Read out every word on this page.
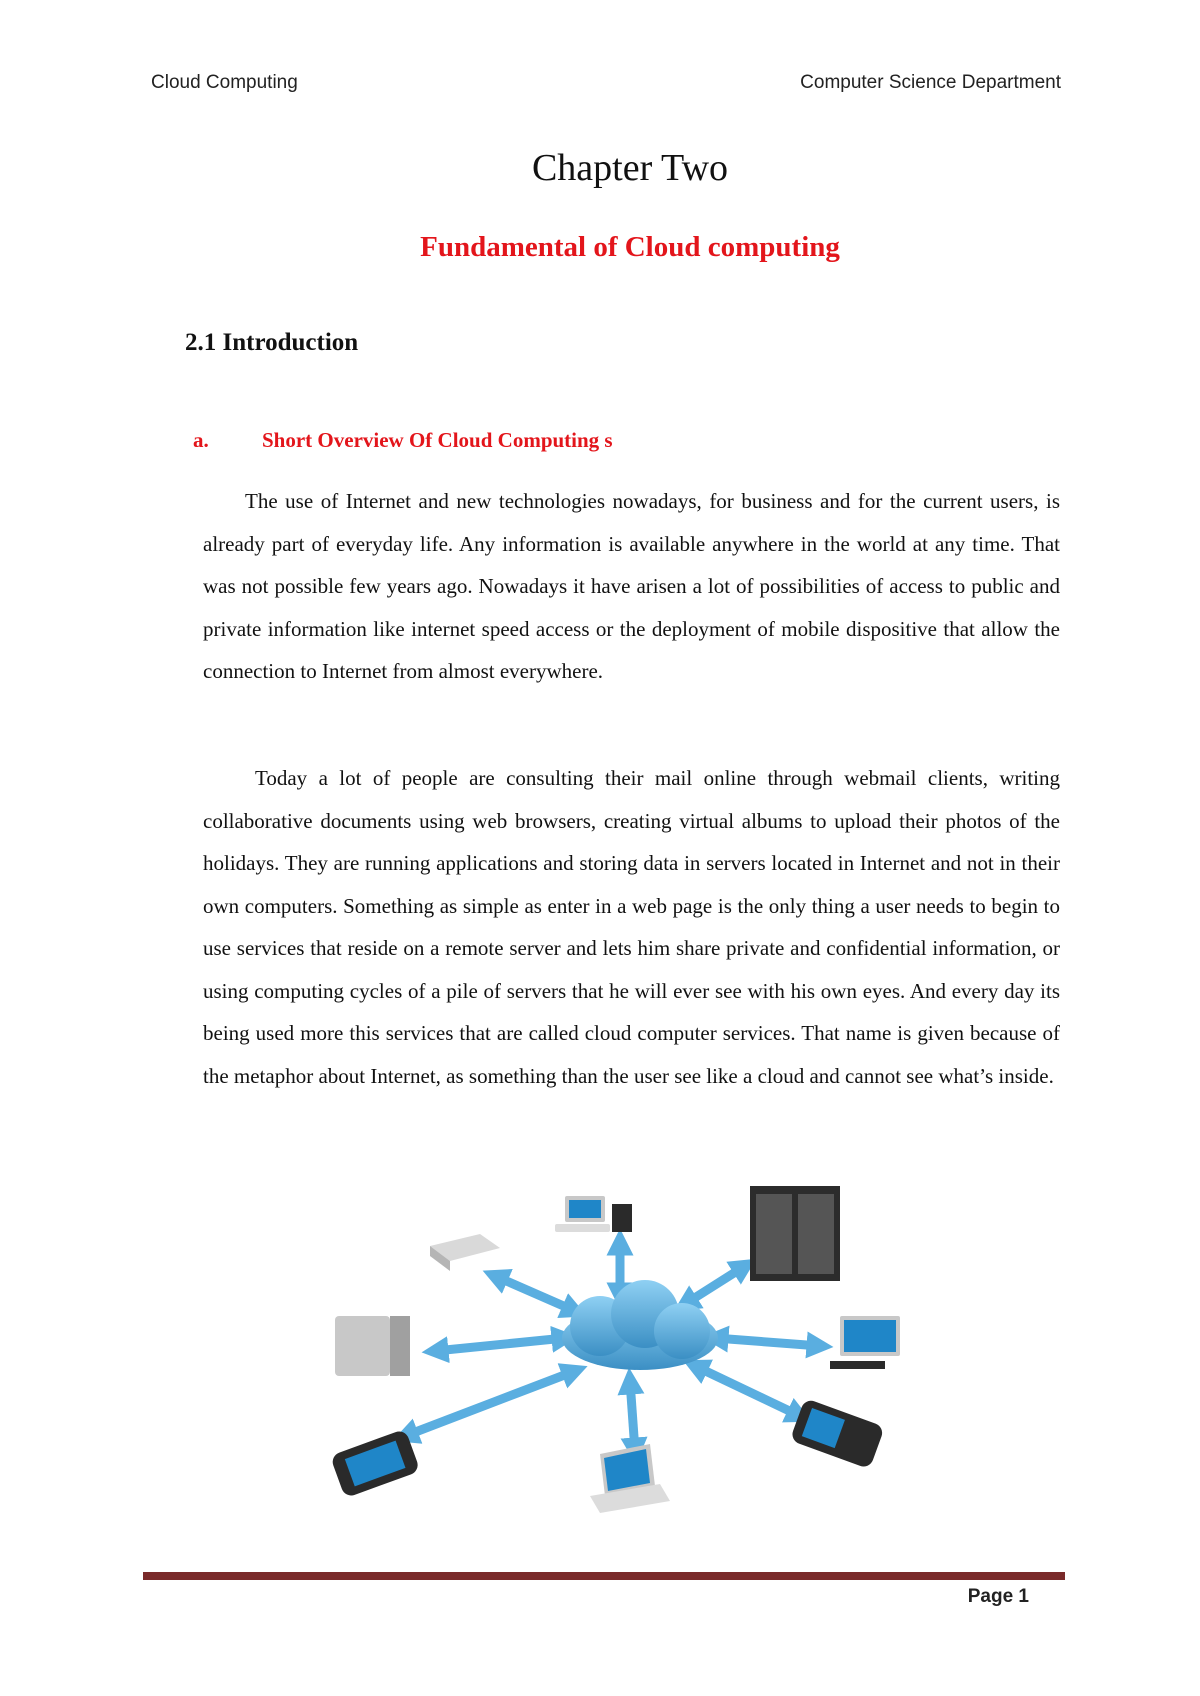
Cloud Computing	Computer Science Department
Chapter Two
Fundamental of Cloud computing
2.1 Introduction
a.	Short Overview Of Cloud Computing s

The use of Internet and new technologies nowadays, for business and for the current users, is already part of everyday life. Any information is available anywhere in the world at any time. That was not possible few years ago. Nowadays it have arisen a lot of possibilities of access to public and private information like internet speed access or the deployment of mobile dispositive that allow the connection to Internet from almost everywhere.

Today a lot of people are consulting their mail online through webmail clients, writing collaborative documents using web browsers, creating virtual albums to upload their photos of the holidays. They are running applications and storing data in servers located in Internet and not in their own computers. Something as simple as enter in a web page is the only thing a user needs to begin to use services that reside on a remote server and lets him share private and confidential information, or using computing cycles of a pile of servers that he will ever see with his own eyes. And every day its being used more this services that are called cloud computer services. That name is given because of the metaphor about Internet, as something than the user see like a cloud and cannot see what’s inside.

Page 1
